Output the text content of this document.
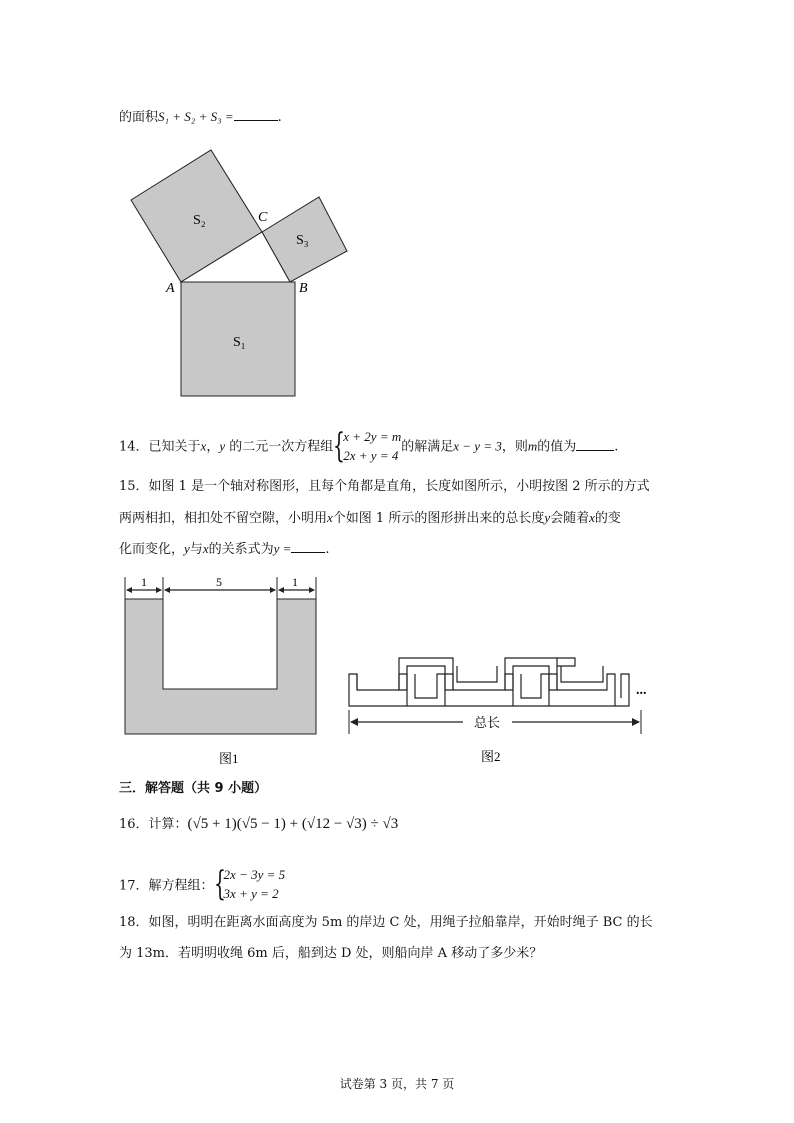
的面积S₁ + S₂ + S₃ =	.
S₂
S₃
S₁
A	B
C
14．已知关于x，y 的二元一次方程组 {
x + 2y = m
2x + y = 4
的解满足x − y = 3，则m的值为	.
15．如图 1 是一个轴对称图形，且每个角都是直角，长度如图所示，小明按图 2 所示的方式
两两相扣，相扣处不留空隙，小明用x个如图 1 所示的图形拼出来的总长度y会随着x的变
化而变化，y与x的关系式为y =	.
1	5	1
图1
...
总长
图2
三．解答题（共 9 小题）
16．计算：(√5 + 1)(√5 − 1) + (√12 − √3) ÷ √3
17．解方程组： {
2x − 3y = 5
3x + y = 2
18．如图，明明在距离水面高度为 5m 的岸边 C 处，用绳子拉船靠岸，开始时绳子 BC 的长
为 13m．若明明收绳 6m 后，船到达 D 处，则船向岸 A 移动了多少米？
试卷第 3 页，共 7 页
